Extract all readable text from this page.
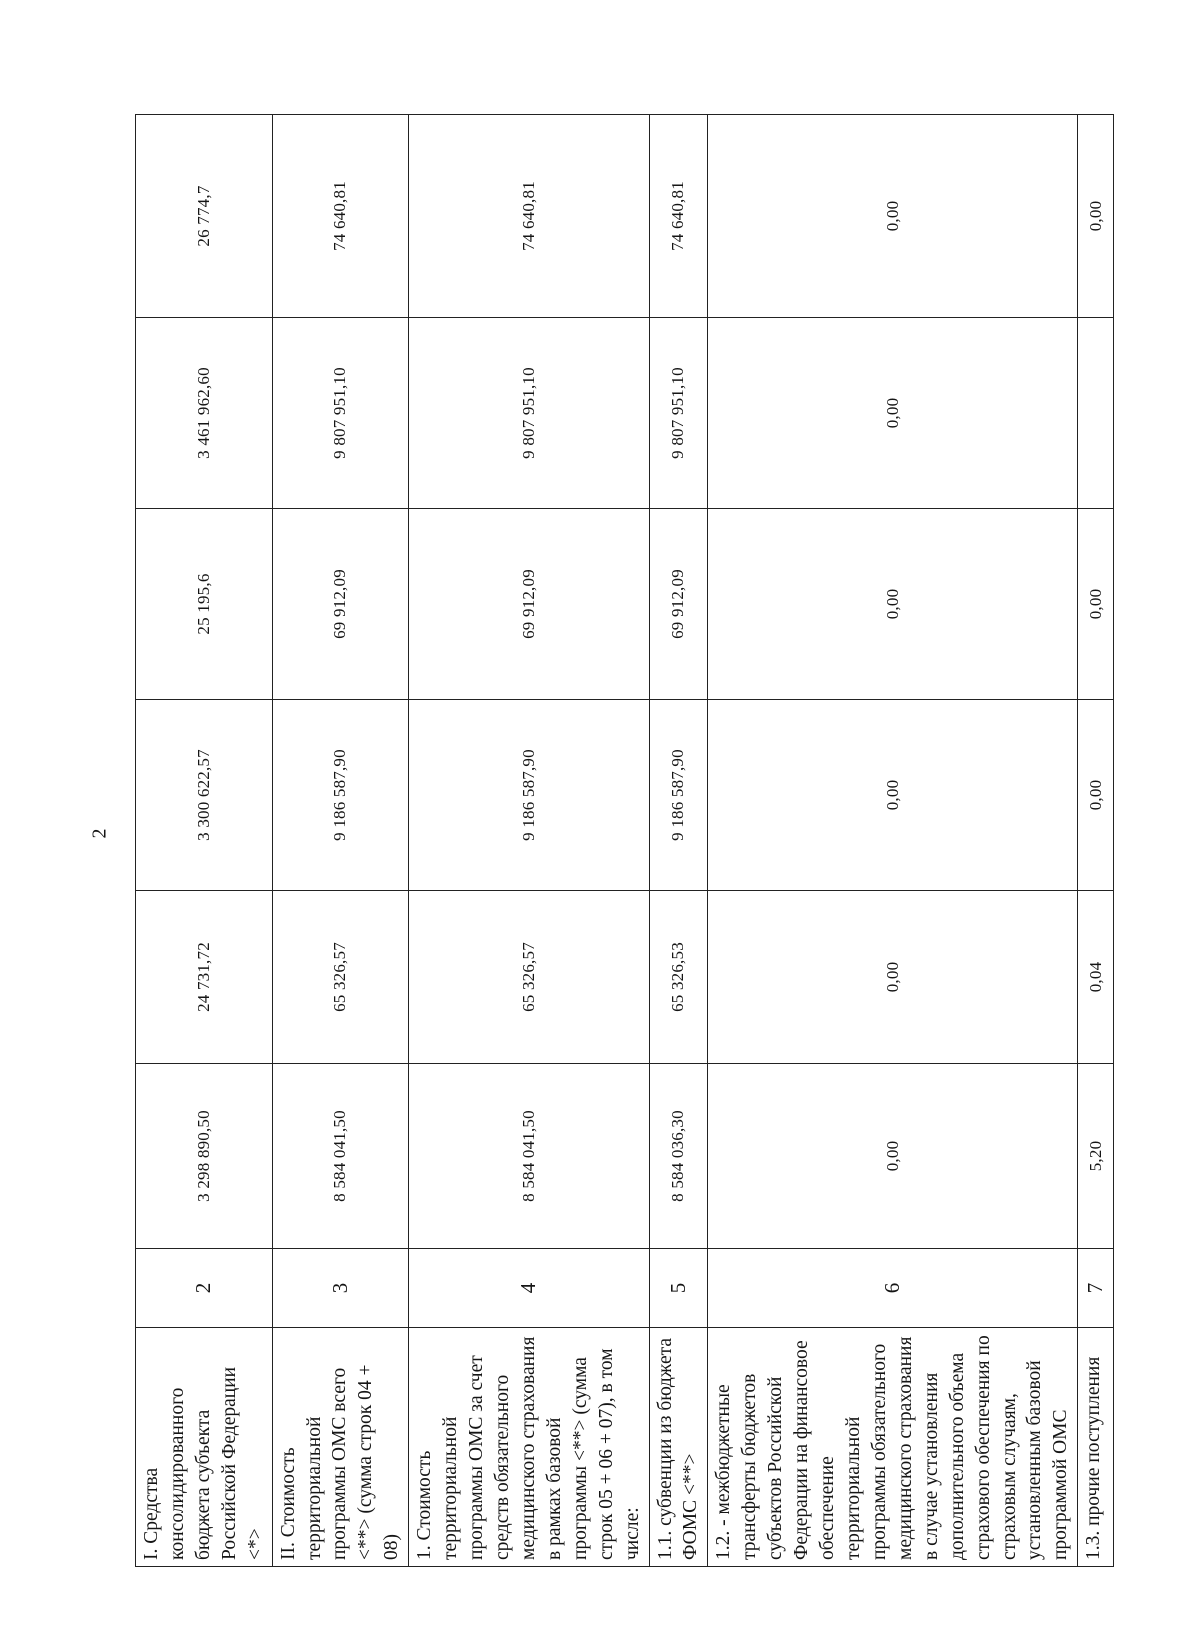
2
I. Средства консолидированного бюджета субъекта Российской Федерации <*>	2	3 298 890,50	24 731,72	3 300 622,57	25 195,6	3 461 962,60	26 774,7
II. Стоимость территориальной программы ОМС всего <**> (сумма строк 04 + 08)	3	8 584 041,50	65 326,57	9 186 587,90	69 912,09	9 807 951,10	74 640,81
1. Стоимость территориальной программы ОМС за счет средств обязательного медицинского страхования в рамках базовой программы <**> (сумма строк 05 + 06 + 07), в том числе:	4	8 584 041,50	65 326,57	9 186 587,90	69 912,09	9 807 951,10	74 640,81
1.1. субвенции из бюджета ФОМС <**>	5	8 584 036,30	65 326,53	9 186 587,90	69 912,09	9 807 951,10	74 640,81
1.2. - межбюджетные трансферты бюджетов субъектов Российской Федерации на финансовое обеспечение территориальной программы обязательного медицинского страхования в случае установления дополнительного объема страхового обеспечения по страховым случаям, установленным базовой программой ОМС	6	0,00	0,00	0,00	0,00	0,00	0,00
1.3. прочие поступления	7	5,20	0,04	0,00	0,00		0,00
